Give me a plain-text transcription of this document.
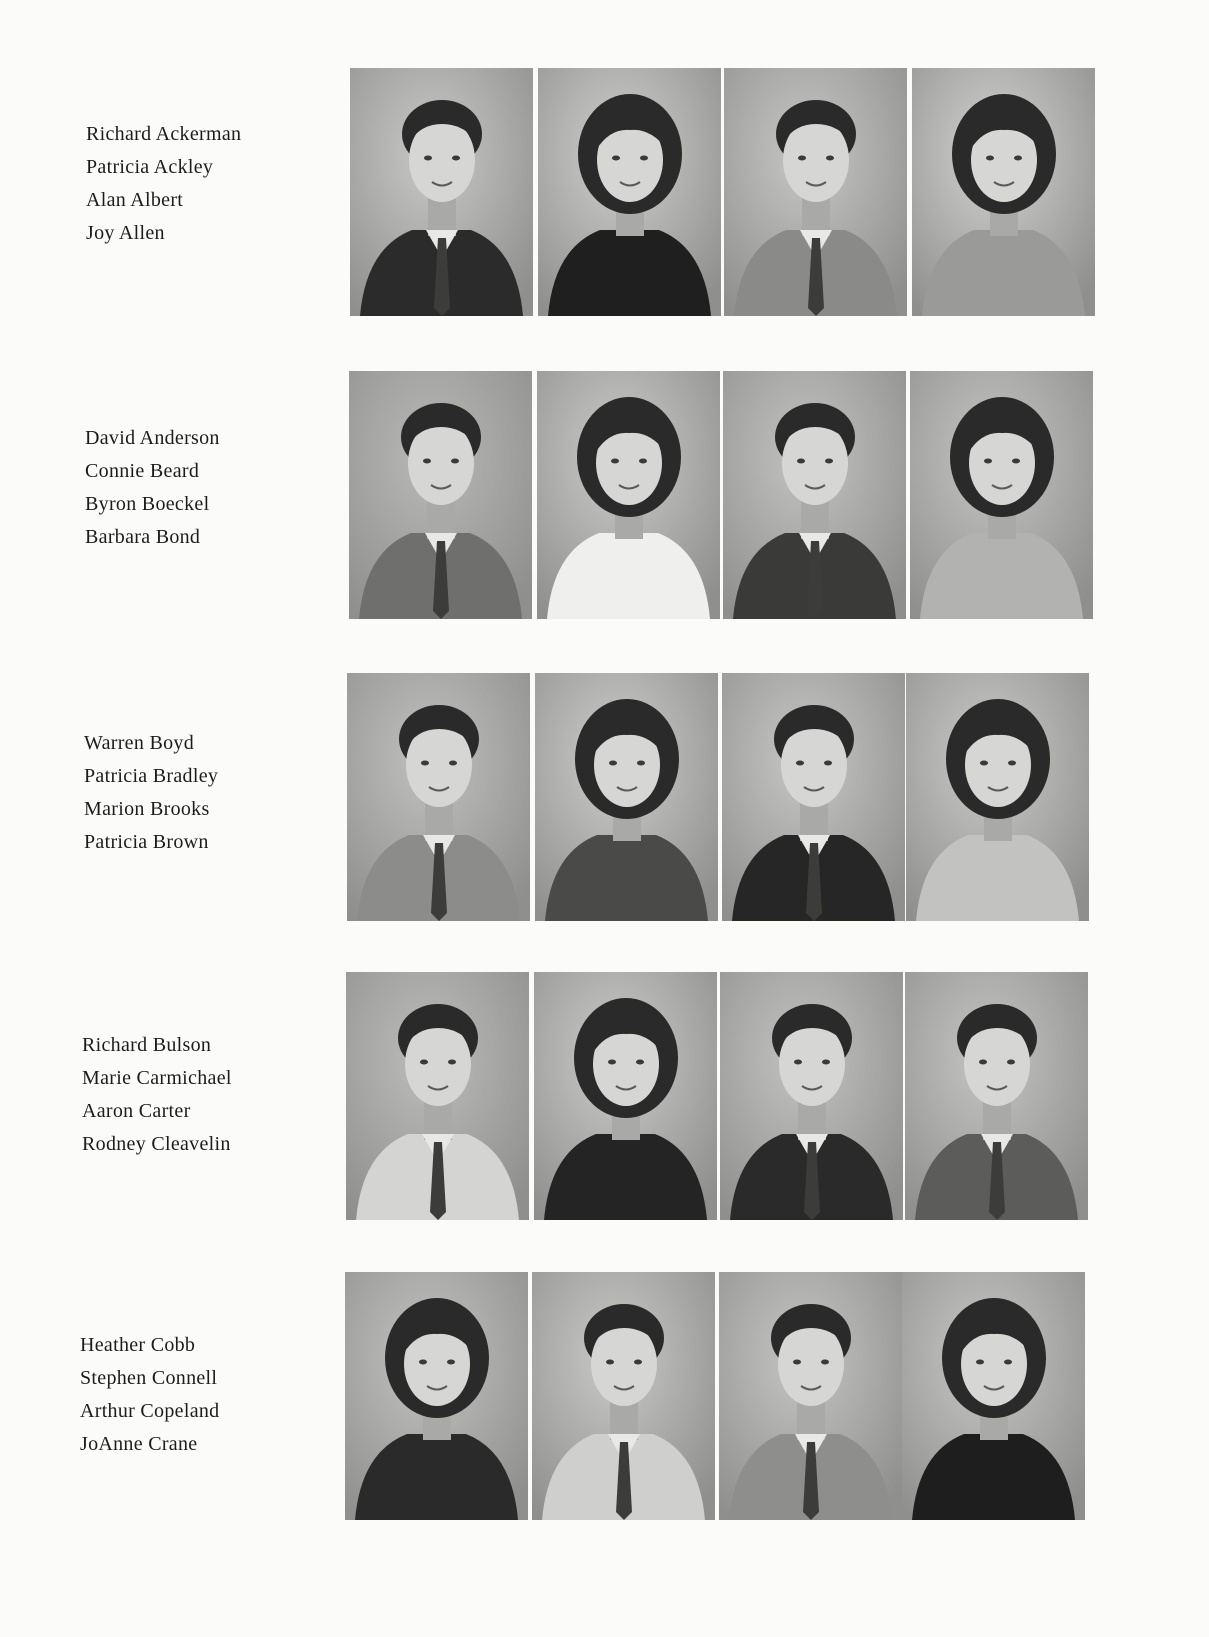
Richard Ackerman
Patricia Ackley
Alan Albert
Joy Allen
David Anderson
Connie Beard
Byron Boeckel
Barbara Bond
Warren Boyd
Patricia Bradley
Marion Brooks
Patricia Brown
Richard Bulson
Marie Carmichael
Aaron Carter
Rodney Cleavelin
Heather Cobb
Stephen Connell
Arthur Copeland
JoAnne Crane
